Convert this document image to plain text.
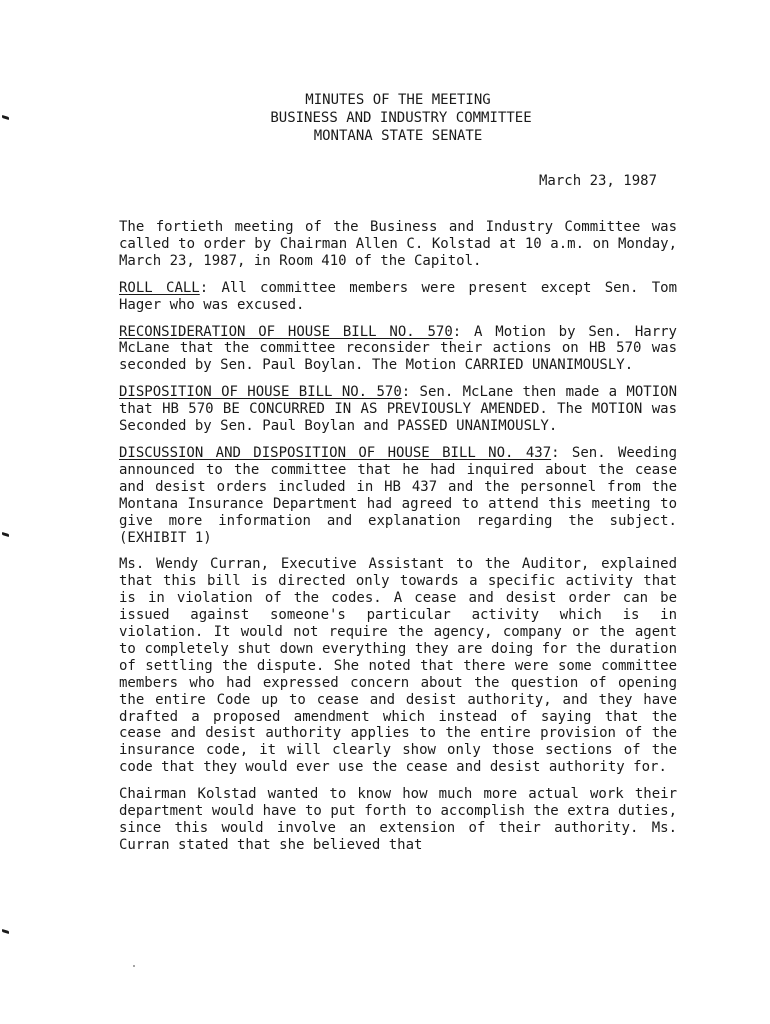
MINUTES OF THE MEETING
BUSINESS AND INDUSTRY COMMITTEE
MONTANA STATE SENATE
March 23, 1987

The fortieth meeting of the Business and Industry Committee was called to order by Chairman Allen C. Kolstad at 10 a.m. on Monday, March 23, 1987, in Room 410 of the Capitol.

ROLL CALL: All committee members were present except Sen. Tom Hager who was excused.

RECONSIDERATION OF HOUSE BILL NO. 570: A Motion by Sen. Harry McLane that the committee reconsider their actions on HB 570 was seconded by Sen. Paul Boylan. The Motion CARRIED UNANIMOUSLY.

DISPOSITION OF HOUSE BILL NO. 570: Sen. McLane then made a MOTION that HB 570 BE CONCURRED IN AS PREVIOUSLY AMENDED. The MOTION was Seconded by Sen. Paul Boylan and PASSED UNANIMOUSLY.

DISCUSSION AND DISPOSITION OF HOUSE BILL NO. 437: Sen. Weeding announced to the committee that he had inquired about the cease and desist orders included in HB 437 and the personnel from the Montana Insurance Department had agreed to attend this meeting to give more information and explanation regarding the subject. (EXHIBIT 1)

Ms. Wendy Curran, Executive Assistant to the Auditor, explained that this bill is directed only towards a specific activity that is in violation of the codes. A cease and desist order can be issued against someone's particular activity which is in violation. It would not require the agency, company or the agent to completely shut down everything they are doing for the duration of settling the dispute. She noted that there were some committee members who had expressed concern about the question of opening the entire Code up to cease and desist authority, and they have drafted a proposed amendment which instead of saying that the cease and desist authority applies to the entire provision of the insurance code, it will clearly show only those sections of the code that they would ever use the cease and desist authority for.

Chairman Kolstad wanted to know how much more actual work their department would have to put forth to accomplish the extra duties, since this would involve an extension of their authority. Ms. Curran stated that she believed that
